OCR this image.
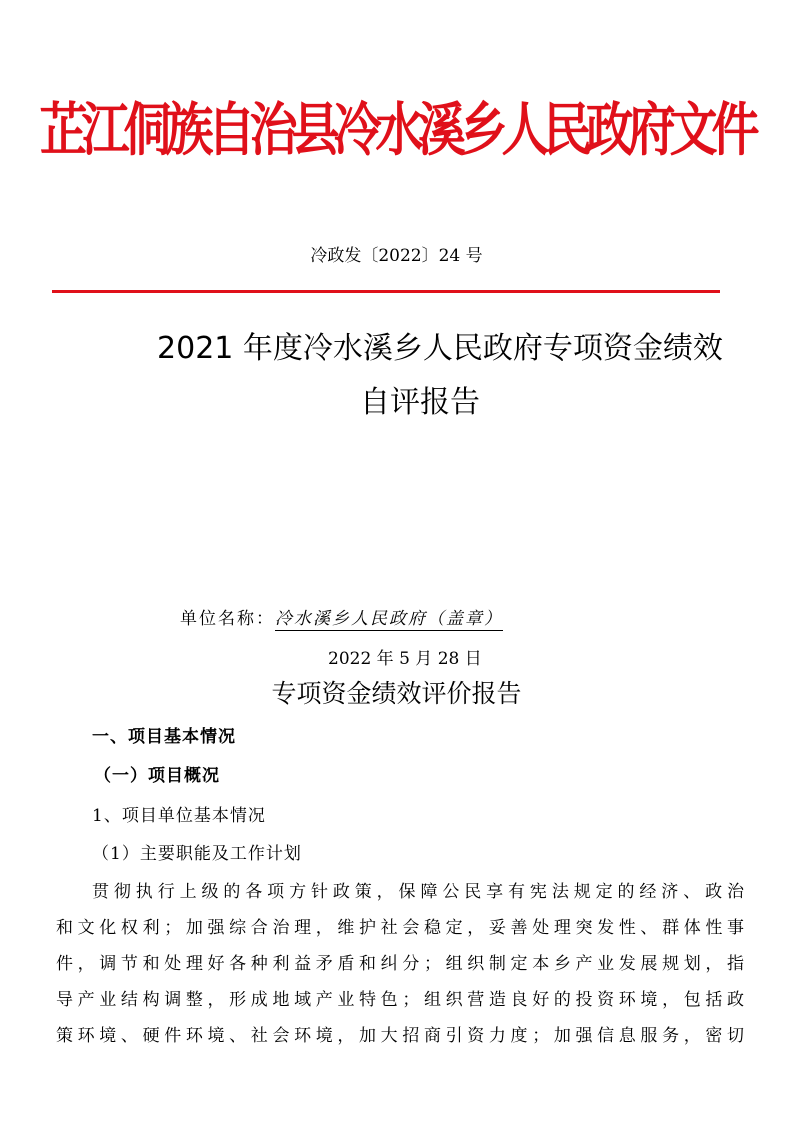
芷江侗族自治县冷水溪乡人民政府文件
冷政发〔2022〕24 号
2021 年度冷水溪乡人民政府专项资金绩效
自评报告
单位名称：冷水溪乡人民政府（盖章）
2022 年 5 月 28 日
专项资金绩效评价报告
一、项目基本情况
（一）项目概况
1、项目单位基本情况
（1）主要职能及工作计划
贯彻执行上级的各项方针政策，保障公民享有宪法规定的经济、政治
和文化权利；加强综合治理，维护社会稳定，妥善处理突发性、群体性事
件，调节和处理好各种利益矛盾和纠分；组织制定本乡产业发展规划，指
导产业结构调整，形成地域产业特色；组织营造良好的投资环境，包括政
策环境、硬件环境、社会环境，加大招商引资力度；加强信息服务，密切
